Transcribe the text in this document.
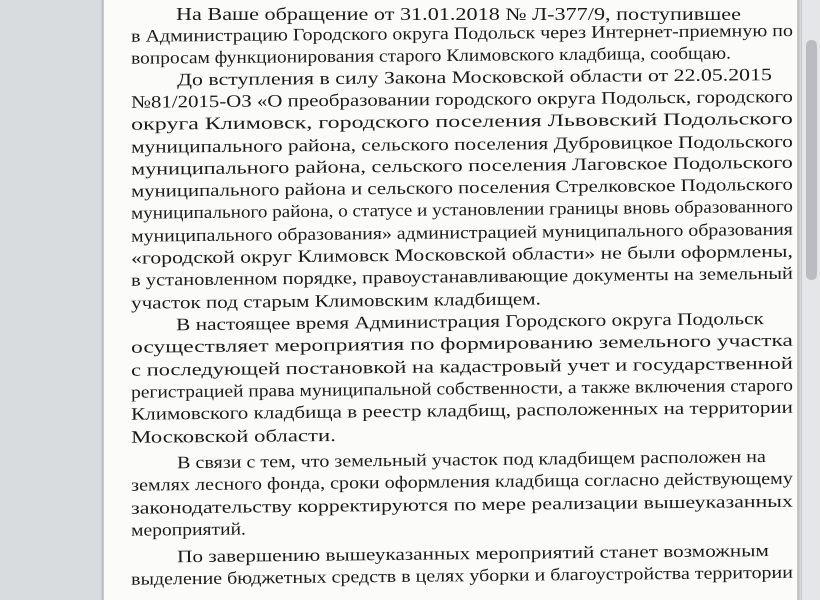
На Ваше обращение от 31.01.2018 № Л-377/9, поступившее
в Администрацию Городского округа Подольск через Интернет-приемную по
вопросам функционирования старого Климовского кладбища, сообщаю.
До вступления в силу Закона Московской области от 22.05.2015
№81/2015-ОЗ «О преобразовании городского округа Подольск, городского
округа Климовск, городского поселения Львовский Подольского
муниципального района, сельского поселения Дубровицкое Подольского
муниципального района, сельского поселения Лаговское Подольского
муниципального района и сельского поселения Стрелковское Подольского
муниципального района, о статусе и установлении границы вновь образованного
муниципального образования» администрацией муниципального образования
«городской округ Климовск Московской области» не были оформлены,
в установленном порядке, правоустанавливающие документы на земельный
участок под старым Климовским кладбищем.
В настоящее время Администрация Городского округа Подольск
осуществляет мероприятия по формированию земельного участка
с последующей постановкой на кадастровый учет и государственной
регистрацией права муниципальной собственности, а также включения старого
Климовского кладбища в реестр кладбищ, расположенных на территории
Московской области.
В связи с тем, что земельный участок под кладбищем расположен на
землях лесного фонда, сроки оформления кладбища согласно действующему
законодательству корректируются по мере реализации вышеуказанных
мероприятий.
По завершению вышеуказанных мероприятий станет возможным
выделение бюджетных средств в целях уборки и благоустройства территории
